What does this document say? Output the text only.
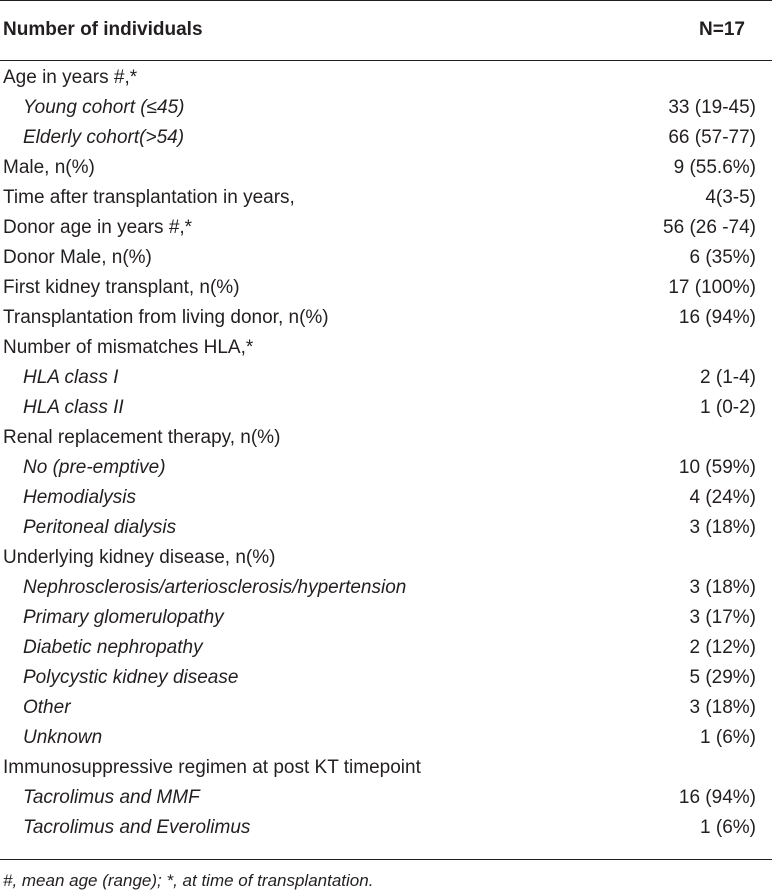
Number of individuals	N=17
Age in years #,*
Young cohort (≤45)	33 (19-45)
Elderly cohort(>54)	66 (57-77)
Male, n(%)	9 (55.6%)
Time after transplantation in years,	4(3-5)
Donor age in years #,*	56 (26 -74)
Donor Male, n(%)	6 (35%)
First kidney transplant, n(%)	17 (100%)
Transplantation from living donor, n(%)	16 (94%)
Number of mismatches HLA,*
HLA class I	2 (1-4)
HLA class II	1 (0-2)
Renal replacement therapy, n(%)
No (pre-emptive)	10 (59%)
Hemodialysis	4 (24%)
Peritoneal dialysis	3 (18%)
Underlying kidney disease, n(%)
Nephrosclerosis/arteriosclerosis/hypertension	3 (18%)
Primary glomerulopathy	3 (17%)
Diabetic nephropathy	2 (12%)
Polycystic kidney disease	5 (29%)
Other	3 (18%)
Unknown	1 (6%)
Immunosuppressive regimen at post KT timepoint
Tacrolimus and MMF	16 (94%)
Tacrolimus and Everolimus	1 (6%)
#, mean age (range); *, at time of transplantation.
